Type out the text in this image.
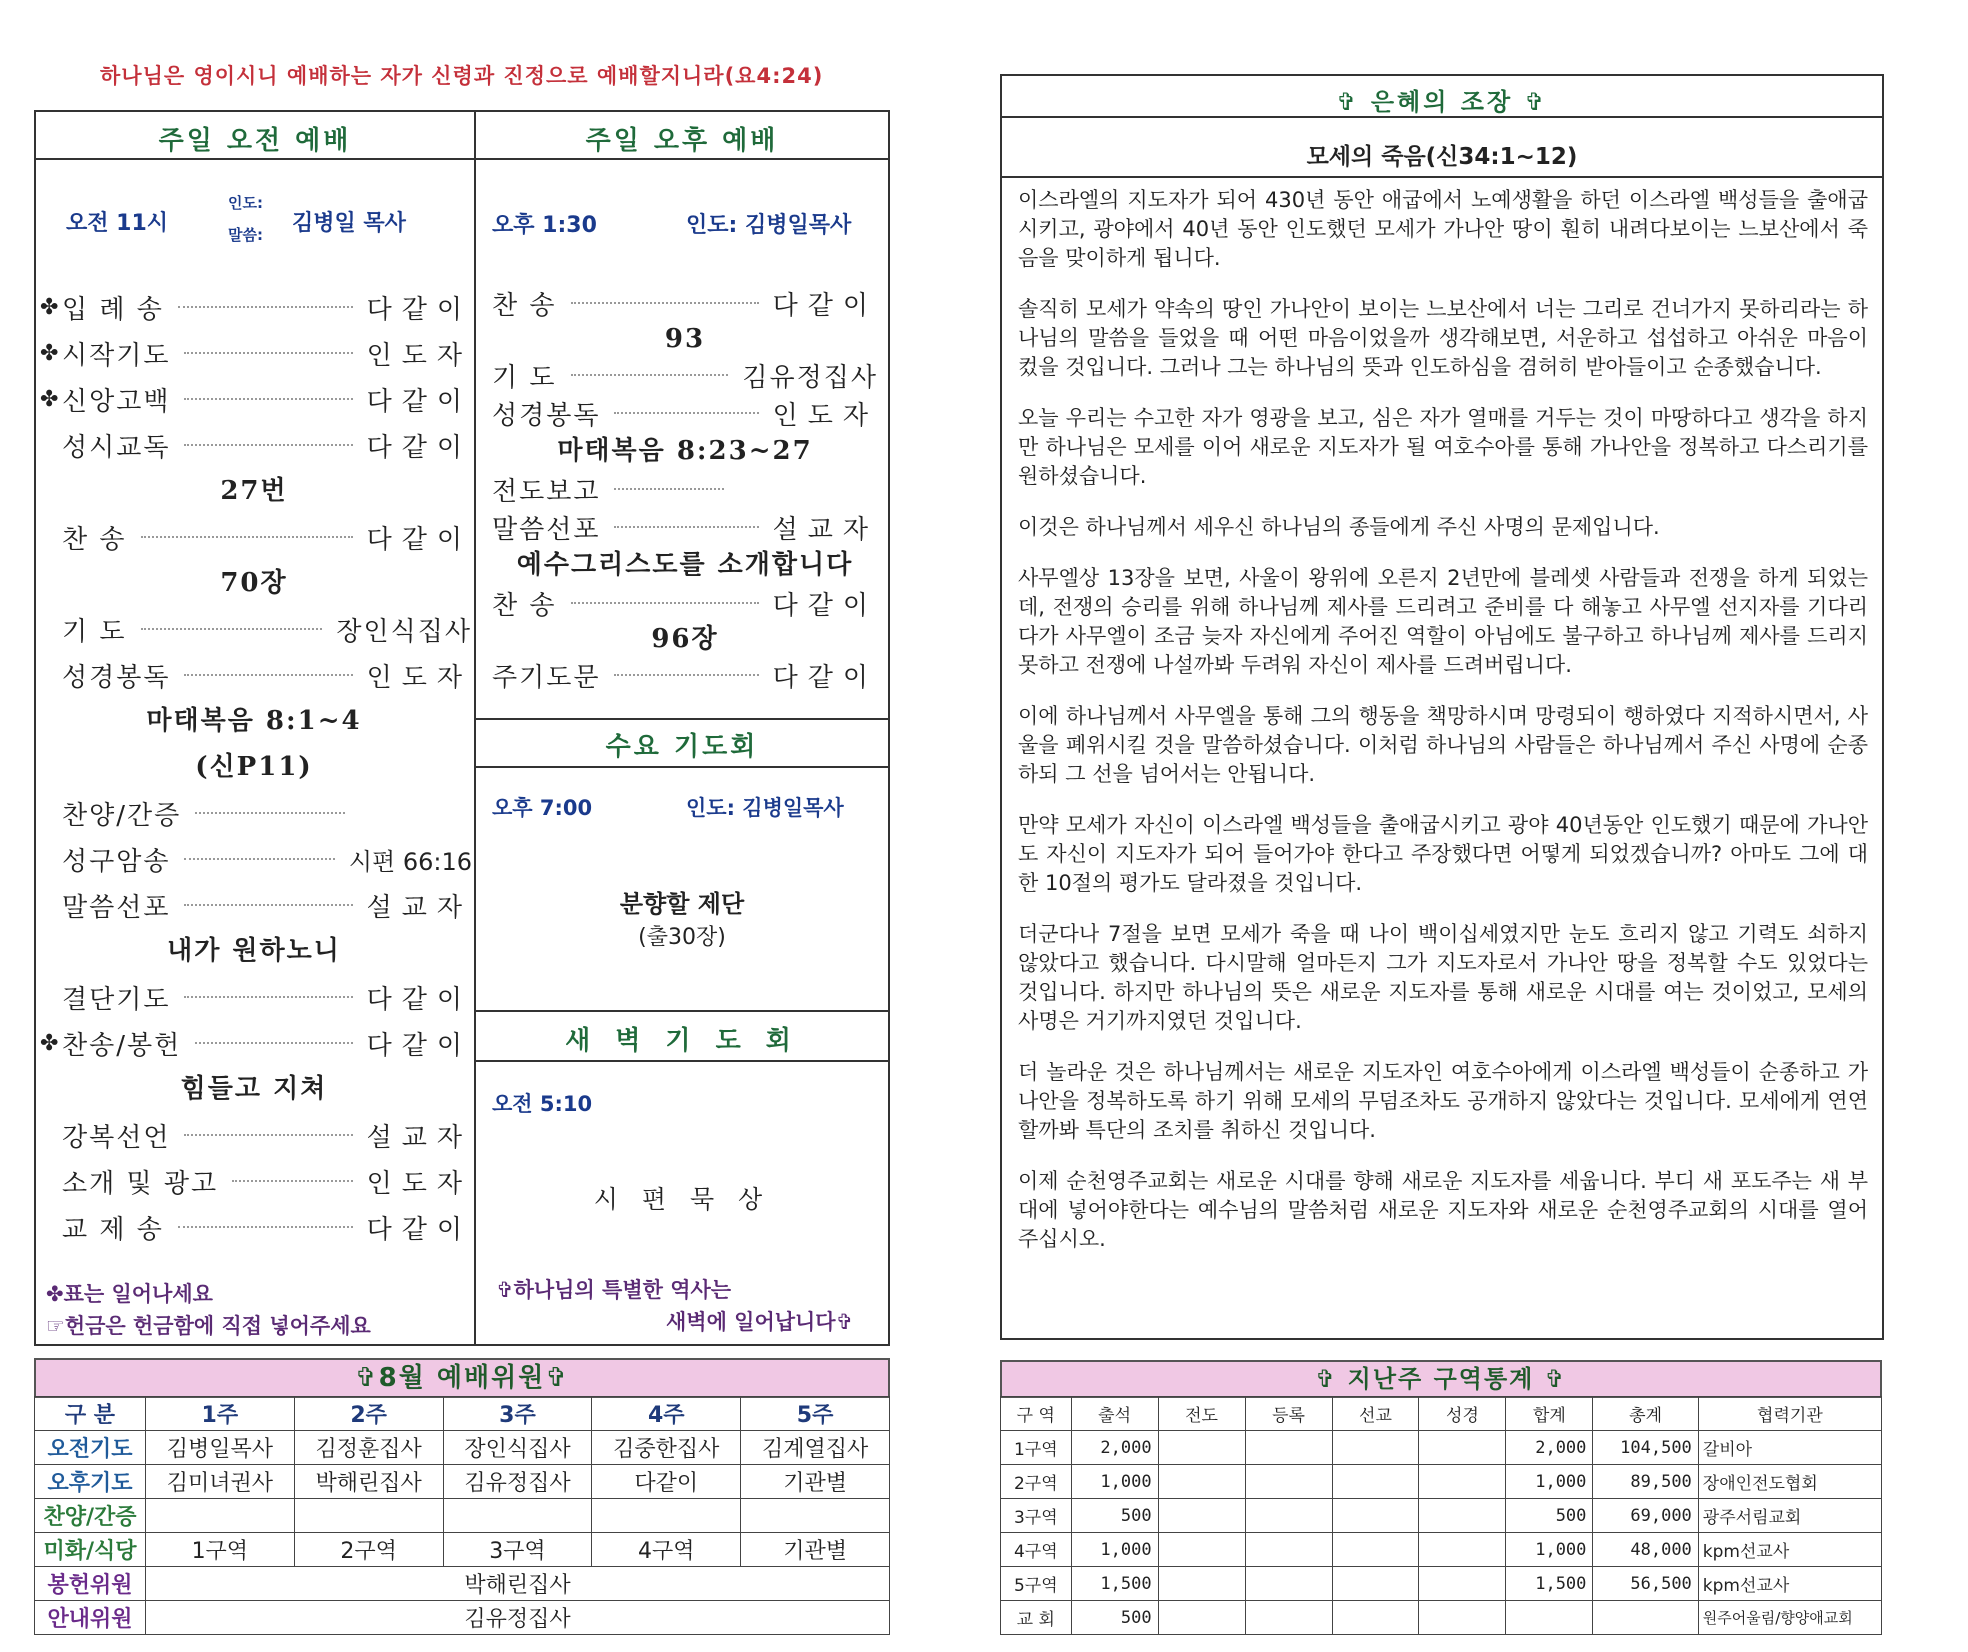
하나님은 영이시니 예배하는 자가 신령과 진정으로 예배할지니라(요4:24)
주일 오전 예배
오전 11시
인도:
말씀: 김병일 목사
✤ 입 례 송	다같이
✤ 시작기도	인도자
✤ 신앙고백	다같이
성시교독	다같이
27번
찬 송	다같이
70장
기 도	장인식집사
성경봉독	인도자
마태복음 8:1~4
(신P11)
찬양/간증
성구암송	시편 66:16
말씀선포	설교자
내가 원하노니
결단기도	다같이
✤ 찬송/봉헌	다같이
힘들고 지쳐
강복선언	설교자
소개 및 광고	인도자
교 제 송	다같이
✤표는 일어나세요
☞헌금은 헌금함에 직접 넣어주세요
주일 오후 예배
오후 1:30	인도: 김병일목사
찬 송	다같이
93
기 도	김유정집사
성경봉독	인도자
마태복음 8:23~27
전도보고
말씀선포	설교자
예수그리스도를 소개합니다
찬 송	다같이
96장
주기도문	다같이
수요 기도회
오후 7:00	인도: 김병일목사
분향할 제단
(출30장)
새 벽 기 도 회
오전 5:10
시 편 묵 상
✞하나님의 특별한 역사는
새벽에 일어납니다✞
✞8월 예배위원✞
구 분	1주	2주	3주	4주	5주
오전기도	김병일목사	김정훈집사	장인식집사	김중한집사	김계열집사
오후기도	김미녀권사	박해린집사	김유정집사	다같이	기관별
찬양/간증					
미화/식당	1구역	2구역	3구역	4구역	기관별
봉헌위원	박해린집사				
안내위원	김유정집사				
✞ 은혜의 조장 ✞
모세의 죽음(신34:1~12)

이스라엘의 지도자가 되어 430년 동안 애굽에서 노예생활을 하던 이스라엘 백성들을 출애굽시키고, 광야에서 40년 동안 인도했던 모세가 가나안 땅이 훤히 내려다보이는 느보산에서 죽음을 맞이하게 됩니다.

솔직히 모세가 약속의 땅인 가나안이 보이는 느보산에서 너는 그리로 건너가지 못하리라는 하나님의 말씀을 들었을 때 어떤 마음이었을까 생각해보면, 서운하고 섭섭하고 아쉬운 마음이 컸을 것입니다. 그러나 그는 하나님의 뜻과 인도하심을 겸허히 받아들이고 순종했습니다.

오늘 우리는 수고한 자가 영광을 보고, 심은 자가 열매를 거두는 것이 마땅하다고 생각을 하지만 하나님은 모세를 이어 새로운 지도자가 될 여호수아를 통해 가나안을 정복하고 다스리기를 원하셨습니다.

이것은 하나님께서 세우신 하나님의 종들에게 주신 사명의 문제입니다.

사무엘상 13장을 보면, 사울이 왕위에 오른지 2년만에 블레셋 사람들과 전쟁을 하게 되었는데, 전쟁의 승리를 위해 하나님께 제사를 드리려고 준비를 다 해놓고 사무엘 선지자를 기다리다가 사무엘이 조금 늦자 자신에게 주어진 역할이 아님에도 불구하고 하나님께 제사를 드리지 못하고 전쟁에 나설까봐 두려워 자신이 제사를 드려버립니다.

이에 하나님께서 사무엘을 통해 그의 행동을 책망하시며 망령되이 행하였다 지적하시면서, 사울을 폐위시킬 것을 말씀하셨습니다. 이처럼 하나님의 사람들은 하나님께서 주신 사명에 순종하되 그 선을 넘어서는 안됩니다.

만약 모세가 자신이 이스라엘 백성들을 출애굽시키고 광야 40년동안 인도했기 때문에 가나안도 자신이 지도자가 되어 들어가야 한다고 주장했다면 어떻게 되었겠습니까? 아마도 그에 대한 10절의 평가도 달라졌을 것입니다.

더군다나 7절을 보면 모세가 죽을 때 나이 백이십세였지만 눈도 흐리지 않고 기력도 쇠하지 않았다고 했습니다. 다시말해 얼마든지 그가 지도자로서 가나안 땅을 정복할 수도 있었다는 것입니다. 하지만 하나님의 뜻은 새로운 지도자를 통해 새로운 시대를 여는 것이었고, 모세의 사명은 거기까지였던 것입니다.

더 놀라운 것은 하나님께서는 새로운 지도자인 여호수아에게 이스라엘 백성들이 순종하고 가나안을 정복하도록 하기 위해 모세의 무덤조차도 공개하지 않았다는 것입니다. 모세에게 연연할까봐 특단의 조치를 취하신 것입니다.

이제 순천영주교회는 새로운 시대를 향해 새로운 지도자를 세웁니다. 부디 새 포도주는 새 부대에 넣어야한다는 예수님의 말씀처럼 새로운 지도자와 새로운 순천영주교회의 시대를 열어주십시오.

✞ 지난주 구역통계 ✞
구 역	출석	전도	등록	선교	성경	합계	총계	협력기관
1구역	2,000					2,000	104,500	갈비아
2구역	1,000					1,000	89,500	장애인전도협회
3구역	500					500	69,000	광주서림교회
4구역	1,000					1,000	48,000	kpm선교사
5구역	1,500					1,500	56,500	kpm선교사
교 회	500							원주어울림/향양애교회
